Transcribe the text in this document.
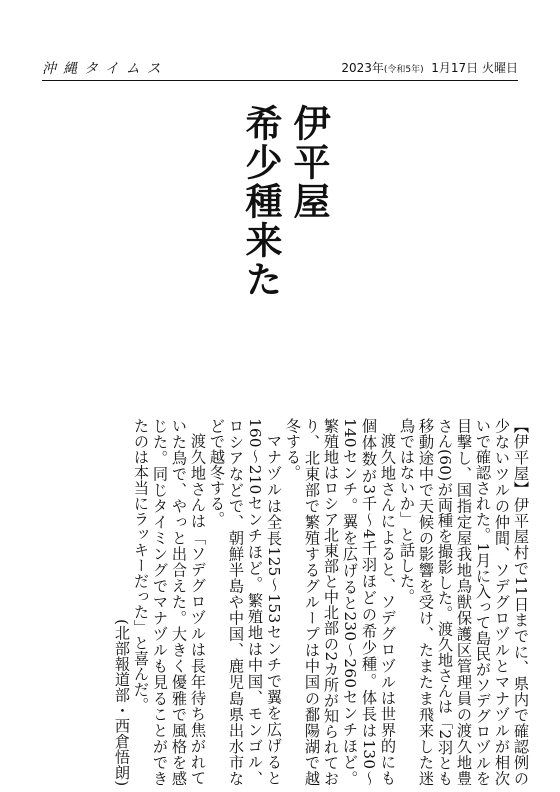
沖縄タイムス	2023年(令和5年) 1月17日 火曜日
伊平屋
希少種来た

【伊平屋】伊平屋村で11日までに、県内で確認例の少ないツルの仲間、ソデグロヅルとマナヅルが相次いで確認された。1月に入って島民がソデグロヅルを目撃し、国指定屋我地鳥獣保護区管理員の渡久地豊さん(60)が両種を撮影した。渡久地さんは「2羽とも移動途中で天候の影響を受け、たまたま飛来した迷鳥ではないか」と話した。

渡久地さんによると、ソデグロヅルは世界的にも個体数が3千〜4千羽ほどの希少種。体長は130〜140センチ。翼を広げると230〜260センチほど。繁殖地はロシア北東部と中北部の2カ所が知られており、北東部で繁殖するグループは中国の鄱陽湖で越冬する。

マナヅルは全長125〜153センチで翼を広げると160〜210センチほど。繁殖地は中国、モンゴル、ロシアなどで、朝鮮半島や中国、鹿児島県出水市などで越冬する。

渡久地さんは「ソデグロヅルは長年待ち焦がれていた鳥で、やっと出合えた。大きく優雅で風格を感じた。同じタイミングでマナヅルも見ることができたのは本当にラッキーだった」と喜んだ。

(北部報道部・西倉悟朗)
